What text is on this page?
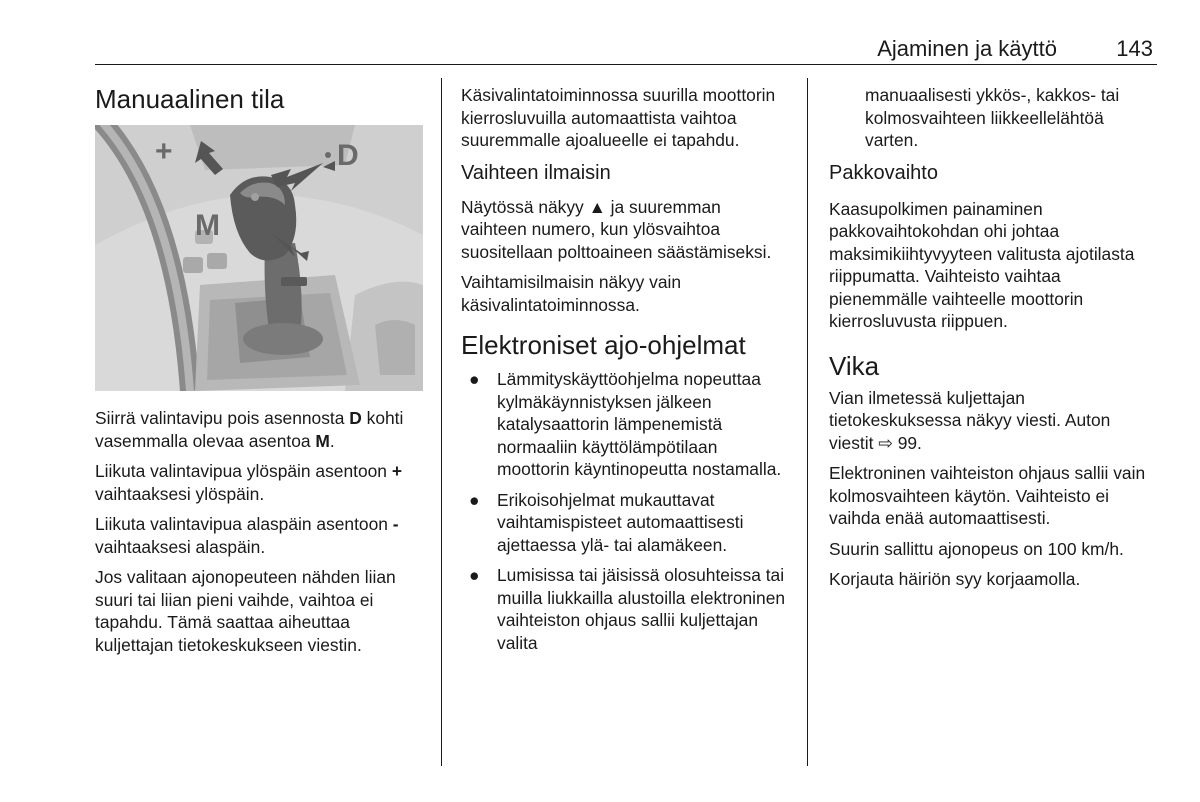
Ajaminen ja käyttö	143
Manuaalinen tila
+	D
M

Siirrä valintavipu pois asennosta D kohti vasemmalla olevaa asentoa M.

Liikuta valintavipua ylöspäin asentoon + vaihtaaksesi ylöspäin.

Liikuta valintavipua alaspäin asentoon - vaihtaaksesi alaspäin.

Jos valitaan ajonopeuteen nähden liian suuri tai liian pieni vaihde, vaihtoa ei tapahdu. Tämä saattaa aiheuttaa kuljettajan tietokeskukseen viestin.

Käsivalintatoiminnossa suurilla moottorin kierrosluvuilla automaattista vaihtoa suuremmalle ajoalueelle ei tapahdu.

Vaihteen ilmaisin

Näytössä näkyy ▲ ja suuremman vaihteen numero, kun ylösvaihtoa suositellaan polttoaineen säästämiseksi.

Vaihtamisilmaisin näkyy vain käsivalintatoiminnossa.

Elektroniset ajo-ohjelmat
● Lämmityskäyttöohjelma nopeuttaa kylmäkäynnistyksen jälkeen katalysaattorin lämpenemistä normaaliin käyttölämpötilaan moottorin käyntinopeutta nostamalla.
● Erikoisohjelmat mukauttavat vaihtamispisteet automaattisesti ajettaessa ylä- tai alamäkeen.
● Lumisissa tai jäisissä olosuhteissa tai muilla liukkailla alustoilla elektroninen vaihteiston ohjaus sallii kuljettajan valita

manuaalisesti ykkös-, kakkos- tai kolmosvaihteen liikkeellelähtöä varten.

Pakkovaihto

Kaasupolkimen painaminen pakkovaihtokohdan ohi johtaa maksimikiihtyvyyteen valitusta ajotilasta riippumatta. Vaihteisto vaihtaa pienemmälle vaihteelle moottorin kierrosluvusta riippuen.

Vika

Vian ilmetessä kuljettajan tietokeskuksessa näkyy viesti. Auton viestit ⇨ 99.

Elektroninen vaihteiston ohjaus sallii vain kolmosvaihteen käytön. Vaihteisto ei vaihda enää automaattisesti.

Suurin sallittu ajonopeus on 100 km/h.

Korjauta häiriön syy korjaamolla.
